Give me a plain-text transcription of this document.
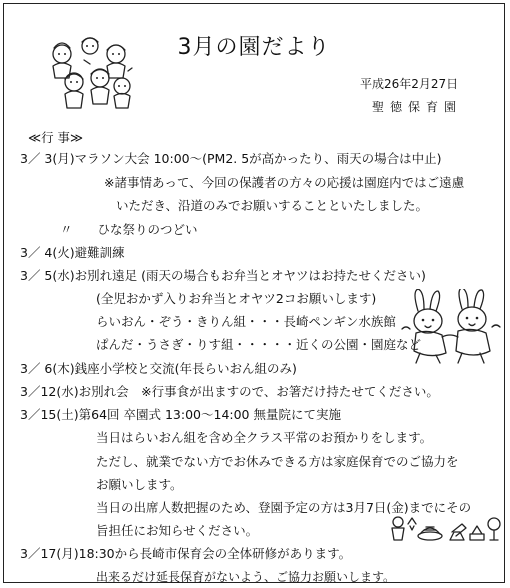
3月の園だより
平成26年2月27日
聖徳保育園
≪行 事≫
3／ 3(月)マラソン大会 10:00～(PM2. 5が高かったり、雨天の場合は中止)
※諸事情あって、今回の保護者の方々の応援は園庭内ではご遠慮
いただき、沿道のみでお願いすることといたしました。
〃　　ひな祭りのつどい
3／ 4(火)避難訓練
3／ 5(水)お別れ遠足 (雨天の場合もお弁当とオヤツはお持たせください)
(全児おかず入りお弁当とオヤツ2コお願いします)
らいおん・ぞう・きりん組・・・長崎ペンギン水族館
ぱんだ・うさぎ・りす組・・・・・近くの公園・園庭など
3／ 6(木)銭座小学校と交流(年長らいおん組のみ)
3／12(水)お別れ会　※行事食が出ますので、お箸だけ持たせてください。
3／15(土)第64回 卒園式 13:00～14:00 無量院にて実施
当日はらいおん組を含め全クラス平常のお預かりをします。
ただし、就業でない方でお休みできる方は家庭保育でのご協力を
お願いします。
当日の出席人数把握のため、登園予定の方は3月7日(金)までにその
旨担任にお知らせください。
3／17(月)18:30から長崎市保育会の全体研修があります。
出来るだけ延長保育がないよう、ご協力お願いします。
